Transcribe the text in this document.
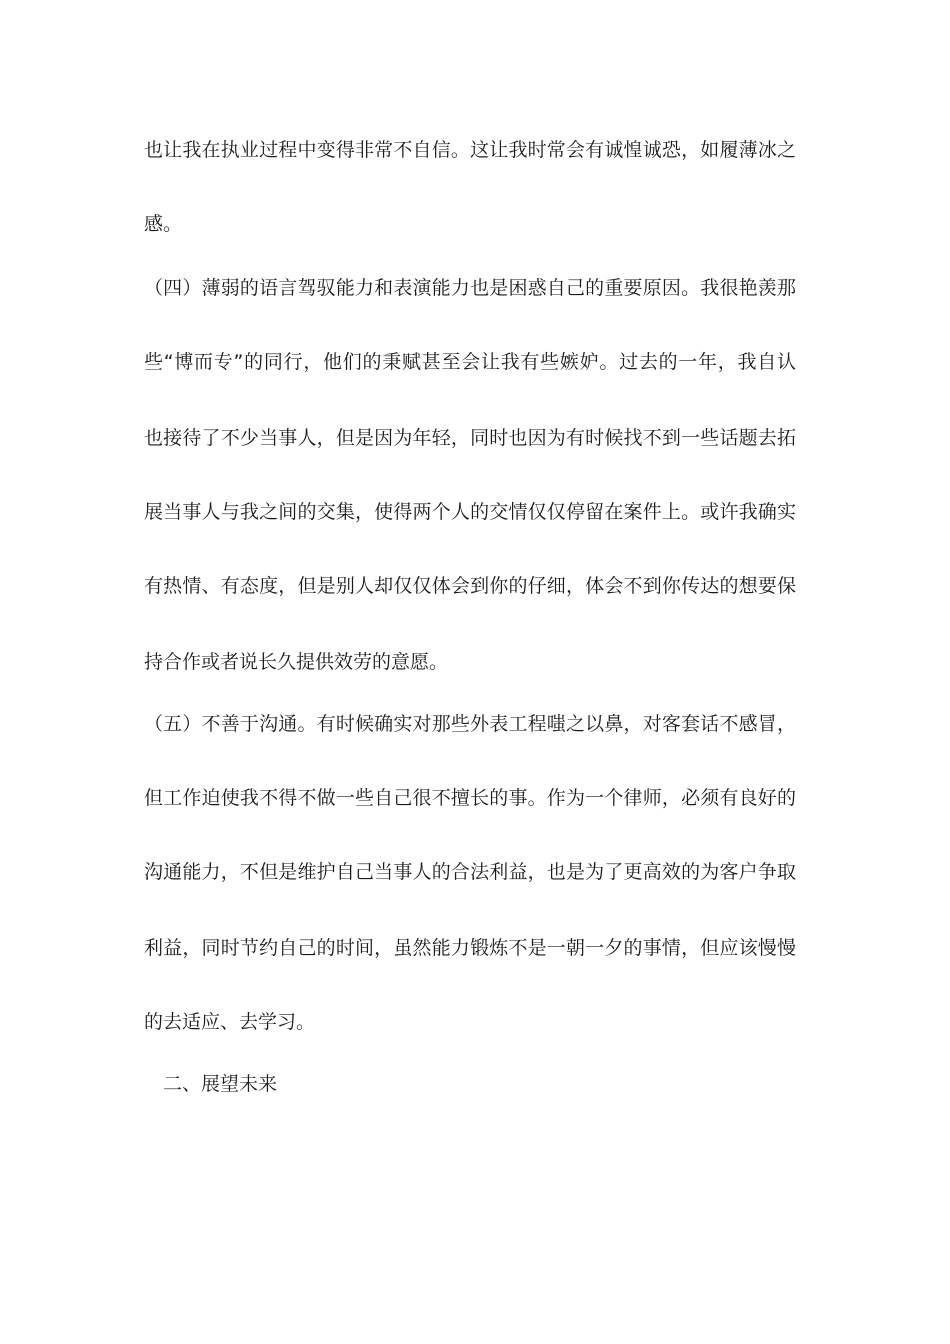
也让我在执业过程中变得非常不自信。这让我时常会有诚惶诚恐，如履薄冰之
感。
（四）薄弱的语言驾驭能力和表演能力也是困惑自己的重要原因。我很艳羡那
些“博而专”的同行，他们的秉赋甚至会让我有些嫉妒。过去的一年，我自认
也接待了不少当事人，但是因为年轻，同时也因为有时候找不到一些话题去拓
展当事人与我之间的交集，使得两个人的交情仅仅停留在案件上。或许我确实
有热情、有态度，但是别人却仅仅体会到你的仔细，体会不到你传达的想要保
持合作或者说长久提供效劳的意愿。
（五）不善于沟通。有时候确实对那些外表工程嗤之以鼻，对客套话不感冒，
但工作迫使我不得不做一些自己很不擅长的事。作为一个律师，必须有良好的
沟通能力，不但是维护自己当事人的合法利益，也是为了更高效的为客户争取
利益，同时节约自己的时间，虽然能力锻炼不是一朝一夕的事情，但应该慢慢
的去适应、去学习。
二、展望未来
